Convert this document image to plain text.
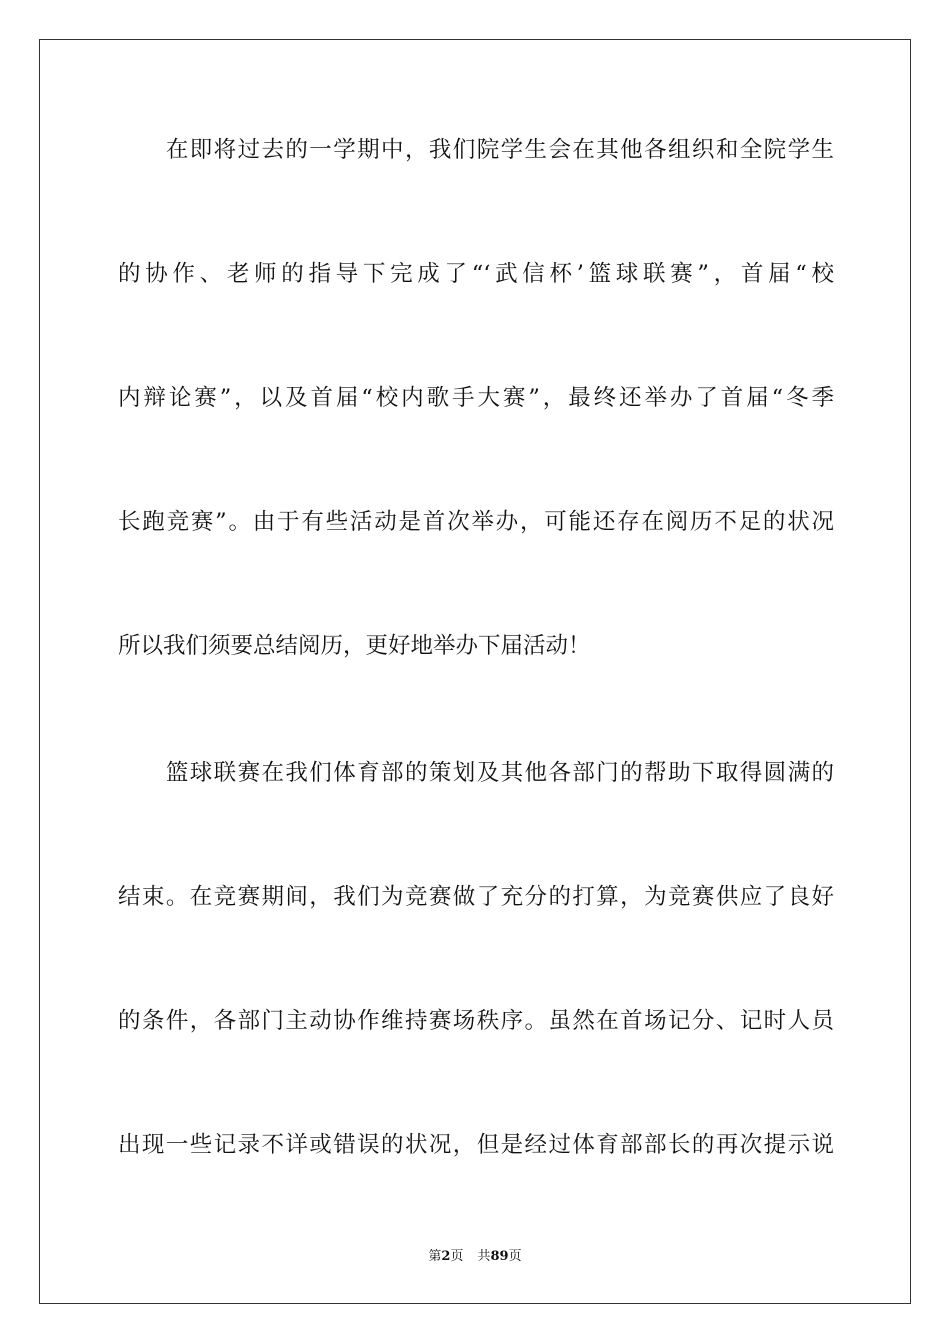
　　在即将过去的一学期中，我们院学生会在其他各组织和全院学生
的协作、老师的指导下完成了“‘武信杯’篮球联赛”，首届“校
内辩论赛”，以及首届“校内歌手大赛”，最终还举办了首届“冬季
长跑竞赛”。由于有些活动是首次举办，可能还存在阅历不足的状况
所以我们须要总结阅历，更好地举办下届活动！
　　篮球联赛在我们体育部的策划及其他各部门的帮助下取得圆满的
结束。在竞赛期间，我们为竞赛做了充分的打算，为竞赛供应了良好
的条件，各部门主动协作维持赛场秩序。虽然在首场记分、记时人员
出现一些记录不详或错误的状况，但是经过体育部部长的再次提示说
第2页 共89页
